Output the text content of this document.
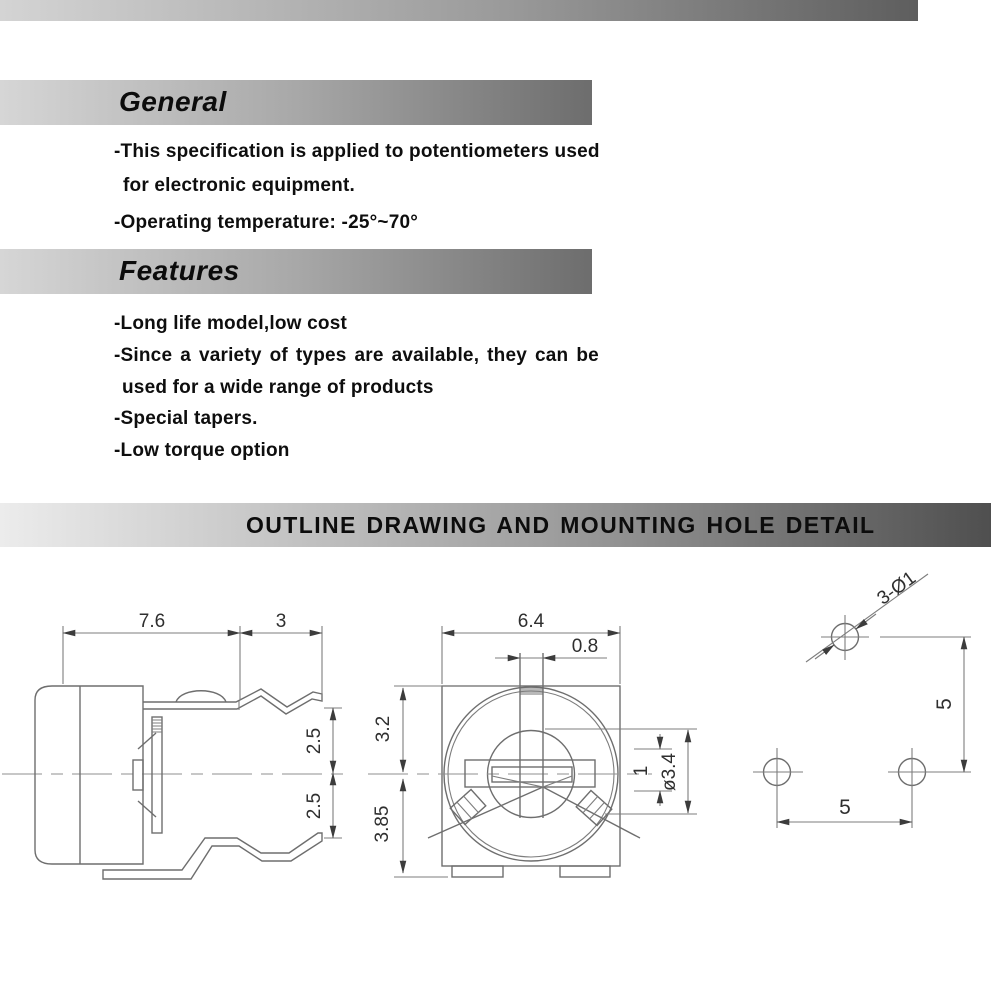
General
-This specification is applied to potentiometers used
for electronic equipment.
-Operating temperature: -25°~70°
Features
-Long life model,low cost
-Since a variety of types are available, they can be
used for a wide range of products
-Special tapers.
-Low torque option
OUTLINE DRAWING AND MOUNTING HOLE DETAIL
7.6	3
2.5
2.5
6.4
0.8
3.2
3.85
1 ø3.4
3-Ø1
5
5
